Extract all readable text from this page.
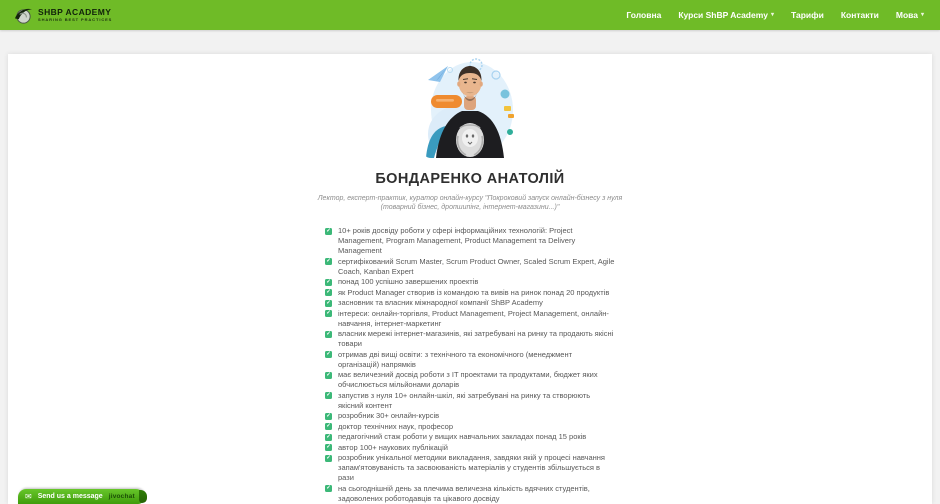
SHBP ACADEMY
SHARING BEST PRACTICES	Головна Курси ShBP Academy ▾ Тарифи Контакти Мова ▾
БОНДАРЕНКО АНАТОЛІЙ

Лектор, експерт-практик, куратор онлайн-курсу "Покроковий запуск онлайн-бізнесу з нуля (товарний бізнес, дропшипінг, інтернет-магазини...)"

✓ 10+ років досвіду роботи у сфері інформаційних технологій: Project Management, Program Management, Product Management та Delivery Management
✓ сертифікований Scrum Master, Scrum Product Owner, Scaled Scrum Expert, Agile Coach, Kanban Expert
✓ понад 100 успішно завершених проектів
✓ як Product Manager створив із командою та вивів на ринок понад 20 продуктів
✓ засновник та власник міжнародної компанії ShBP Academy
✓ інтереси: онлайн-торгівля, Product Management, Project Management, онлайн-навчання, інтернет-маркетинг
✓ власник мережі інтернет-магазинів, які затребувані на ринку та продають якісні товари
✓ отримав дві вищі освіти: з технічного та економічного (менеджмент організацій) напрямків
✓ має величезний досвід роботи з IT проектами та продуктами, бюджет яких обчислюється мільйонами доларів
✓ запустив з нуля 10+ онлайн-шкіл, які затребувані на ринку та створюють якісний контент
✓ розробник 30+ онлайн-курсів
✓ доктор технічних наук, професор
✓ педагогічний стаж роботи у вищих навчальних закладах понад 15 років
✓ автор 100+ наукових публікацій
✓ розробник унікальної методики викладання, завдяки якій у процесі навчання запам'ятовуваність та засвоюваність матеріалів у студентів збільшується в рази
✓ на сьогоднішній день за плечима величезна кількість вдячних студентів, задоволених роботодавців та цікавого досвіду
✉ Send us a message jivochat
